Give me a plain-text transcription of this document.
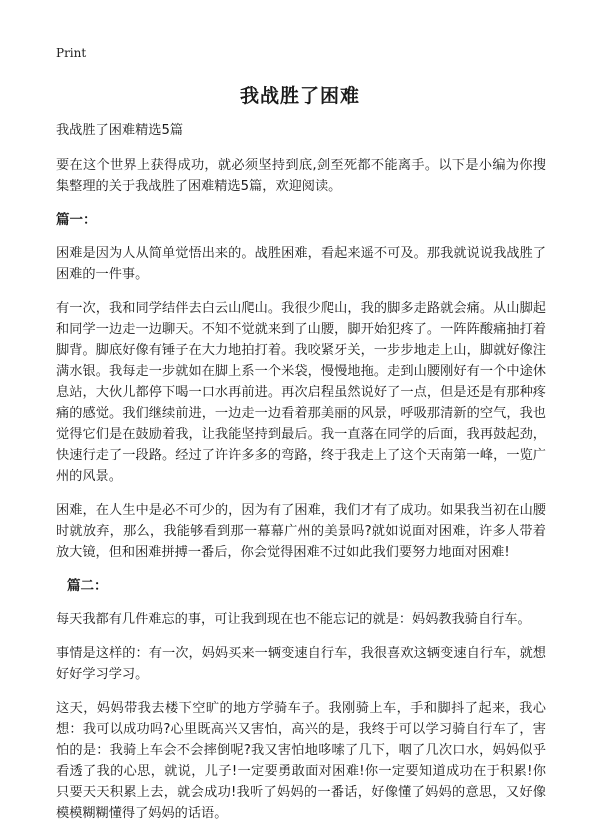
Print
我战胜了困难

我战胜了困难精选5篇

要在这个世界上获得成功，就必须坚持到底,剑至死都不能离手。以下是小编为你搜集整理的关于我战胜了困难精选5篇，欢迎阅读。

篇一：

困难是因为人从简单觉悟出来的。战胜困难，看起来遥不可及。那我就说说我战胜了困难的一件事。

有一次，我和同学结伴去白云山爬山。我很少爬山，我的脚多走路就会痛。从山脚起和同学一边走一边聊天。不知不觉就来到了山腰，脚开始犯疼了。一阵阵酸痛抽打着脚背。脚底好像有锤子在大力地拍打着。我咬紧牙关，一步步地走上山，脚就好像注满水银。我每走一步就如在脚上系一个米袋，慢慢地拖。走到山腰刚好有一个中途休息站，大伙儿都停下喝一口水再前进。再次启程虽然说好了一点，但是还是有那种疼痛的感觉。我们继续前进，一边走一边看着那美丽的风景，呼吸那清新的空气，我也觉得它们是在鼓励着我，让我能坚持到最后。我一直落在同学的后面，我再鼓起劲，快速行走了一段路。经过了许许多多的弯路，终于我走上了这个天南第一峰，一览广州的风景。

困难，在人生中是必不可少的，因为有了困难，我们才有了成功。如果我当初在山腰时就放弃，那么，我能够看到那一幕幕广州的美景吗?就如说面对困难，许多人带着放大镜，但和困难拼搏一番后，你会觉得困难不过如此我们要努力地面对困难!

篇二：

每天我都有几件难忘的事，可让我到现在也不能忘记的就是：妈妈教我骑自行车。

事情是这样的：有一次，妈妈买来一辆变速自行车，我很喜欢这辆变速自行车，就想好好学习学习。

这天，妈妈带我去楼下空旷的地方学骑车子。我刚骑上车，手和脚抖了起来，我心想：我可以成功吗?心里既高兴又害怕，高兴的是，我终于可以学习骑自行车了，害怕的是：我骑上车会不会摔倒呢?我又害怕地哆嗦了几下，咽了几次口水，妈妈似乎看透了我的心思，就说，儿子!一定要勇敢面对困难!你一定要知道成功在于积累!你只要天天积累上去，就会成功!我听了妈妈的一番话，好像懂了妈妈的意思，又好像模模糊糊懂得了妈妈的话语。
